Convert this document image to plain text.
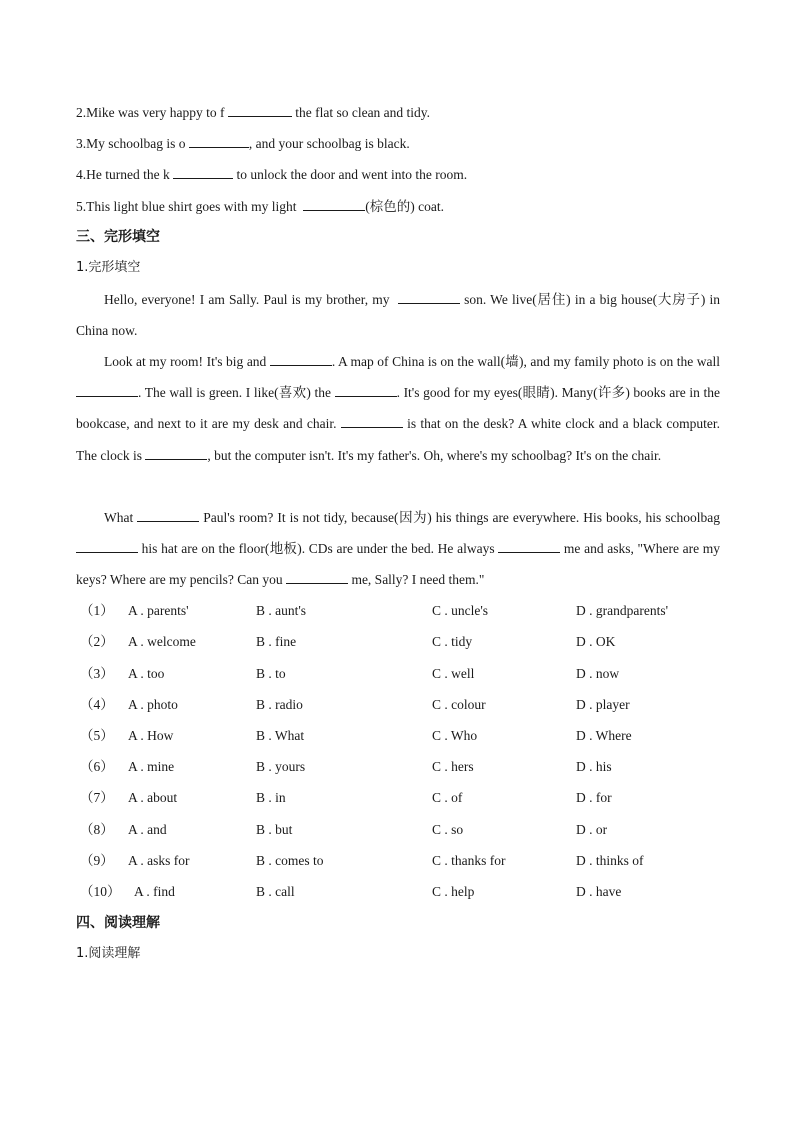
2.Mike was very happy to f	the flat so clean and tidy.
3.My schoolbag is o	, and your schoolbag is black.
4.He turned the k	to unlock the door and went into the room.
5.This light blue shirt goes with my light	(棕色的) coat.
三、完形填空
1.完形填空
Hello, everyone! I am Sally. Paul is my brother, my	son. We live(居住) in a big house(大房子) in China now.
Look at my room! It's big and	. A map of China is on the wall(墙), and my family photo is on the wall . The wall is green. I like(喜欢) the	. It's good for my eyes(眼睛). Many(许多) books are in the bookcase, and next to it are my desk and chair.	is that on the desk? A white clock and a black computer. The clock is	, but the computer isn't. It's my father's. Oh, where's my schoolbag? It's on the chair.
What	Paul's room? It is not tidy, because(因为) his things are everywhere. His books, his schoolbag  his hat are on the floor(地板). CDs are under the bed. He always	me and asks, "Where are my keys? Where are my pencils? Can you	me, Sally? I need them."
（1） A . parents'	B . aunt's	C . uncle's	D . grandparents'
（2） A . welcome	B . fine	C . tidy	D . OK
（3） A . too	B . to	C . well	D . now
（4） A . photo	B . radio	C . colour	D . player
（5） A . How	B . What	C . Who	D . Where
（6） A . mine	B . yours	C . hers	D . his
（7） A . about	B . in	C . of	D . for
（8） A . and	B . but	C . so	D . or
（9） A . asks for	B . comes to	C . thanks for	D . thinks of
（10） A . find	B . call	C . help	D . have
四、阅读理解
1.阅读理解
